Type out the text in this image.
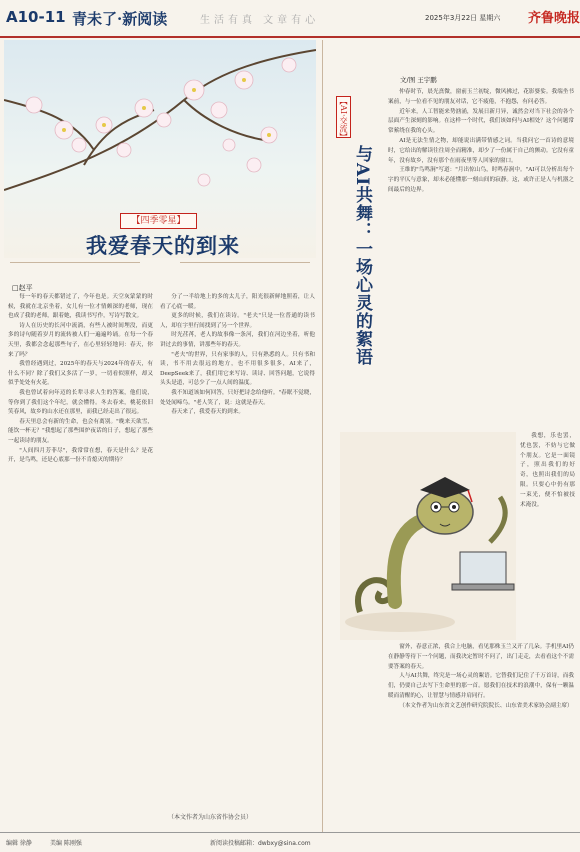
A10-11 青未了·新阅读	生活有真 文章有心	2025年3月22日 星期六 齐鲁晚报
【四季零星】
我爱春天的到来
□赵平

每一年的春天都错过了，今年也是。天空灰蒙蒙的时候，我就在北京坐着，女儿有一位才情颇深的老师，现在也成了我的老师，跟着她，我读书写作，写诗写散文。

诗人在历史的长河中流淌，有些人被时间埋没，而更多的诗句随着岁月的流转被人们一遍遍吟诵。在每一个春天里，我都会念起那些句子，在心里轻轻地问：春天，你来了吗？

我曾经遇到过，2025年的春天与2024年的春天，有什么不同？除了我们又多活了一岁，一切看似照样，却又似乎处处有火花。

我也曾试着向年迈的长辈寻求人生的答案，他们说，等你到了我们这个年纪，就会懂得。冬去春来，桃花依旧笑春风，故乡的山水还在那里，而我已经走出了很远。

春天里总会有新的生命，也会有离别。"晚来天欲雪，能饮一杯无？"我想起了那些围炉夜话的日子，想起了那些一起读诗的朋友。

"人间四月芳菲尽"，我常常在想，春天是什么？是花开，是鸟鸣，还是心底那一份不肯熄灭的期待？

分了一半给地上的多的太儿子，阳光很新鲜地照着，让人看了心底一暖。

更多的时候，我们在读诗。"老夫"只是一位普通的读书人，却在字里行间找到了另一个世界。

时光荏苒，老人的故事像一条河，我们在河边坐着，听他讲过去的事情，讲那些年的春天。

"老夫"的世界，只有家事的人，只有熟悉的人。只有书和读，书不用去很远的地方，也不用很多很多，AI来了，DeepSeek来了，我们用它来写诗、读诗、回答问题，它说得头头是道，可总少了一点人间的温度。

我不知道该如何回答，只好把诗念给他听。"春眠不觉晓，处处闻啼鸟。"老人笑了，说：这就是春天。

春天来了，我爱春天的到来。

（本文作者为山东省作协会员）
【AI·交流】
与AI共舞：一场心灵的絮语
文/图 王宇鹏

仲春时节，晨光熹微，窗前玉兰初绽，微风拂过，花影婆娑。我端坐书案前，与一位看不见的朋友对话，它不疲倦，不抱怨，有问必答。

近年来，人工智能来势汹涌，发展日新月异，诚然会对当下社会的各个层面产生深刻的影响。在这样一个时代，我们该如何与AI相处？这个问题常常萦绕在我的心头。

AI是无法生情之物，却能说出满带情感之词。当我问它一首诗的意境时，它给出的解读往往周全而精准，却少了一份属于自己的颤动。它没有童年，没有故乡，没有那个在雨夜里等人回家的窗口。

王维的"鸟鸣涧"写道："月出惊山鸟，时鸣春涧中。"AI可以分析出每个字的平仄与意象，却未必能懂那一刻山间的寂静。这，或许正是人与机器之间最后的边界。

我想，乐也罢，忧也罢，不妨与它做个朋友。它是一面镜子，照出我们的好奇，也照出我们的局限。只要心中仍有那一束光，便不怕被技术淹没。

窗外，春意正浓，我合上电脑，看见那株玉兰又开了几朵。手机里AI仍在静静等待下一个问题，而我决定暂时不问了，出门走走，去看看这个不需要答案的春天。

人与AI共舞，终究是一场心灵的絮语。它替我们记住了千万首诗，而我们，仍要自己去写下生命里的那一首。愿我们在技术的浪潮中，保有一颗温暖而清醒的心，让智慧与情感并肩同行。

（本文作者为山东省文艺创作研究院院长、山东省美术家协会副主席）

编辑 徐静	美编 陈刚强	新阅读投稿邮箱：dwbxy@sina.com
